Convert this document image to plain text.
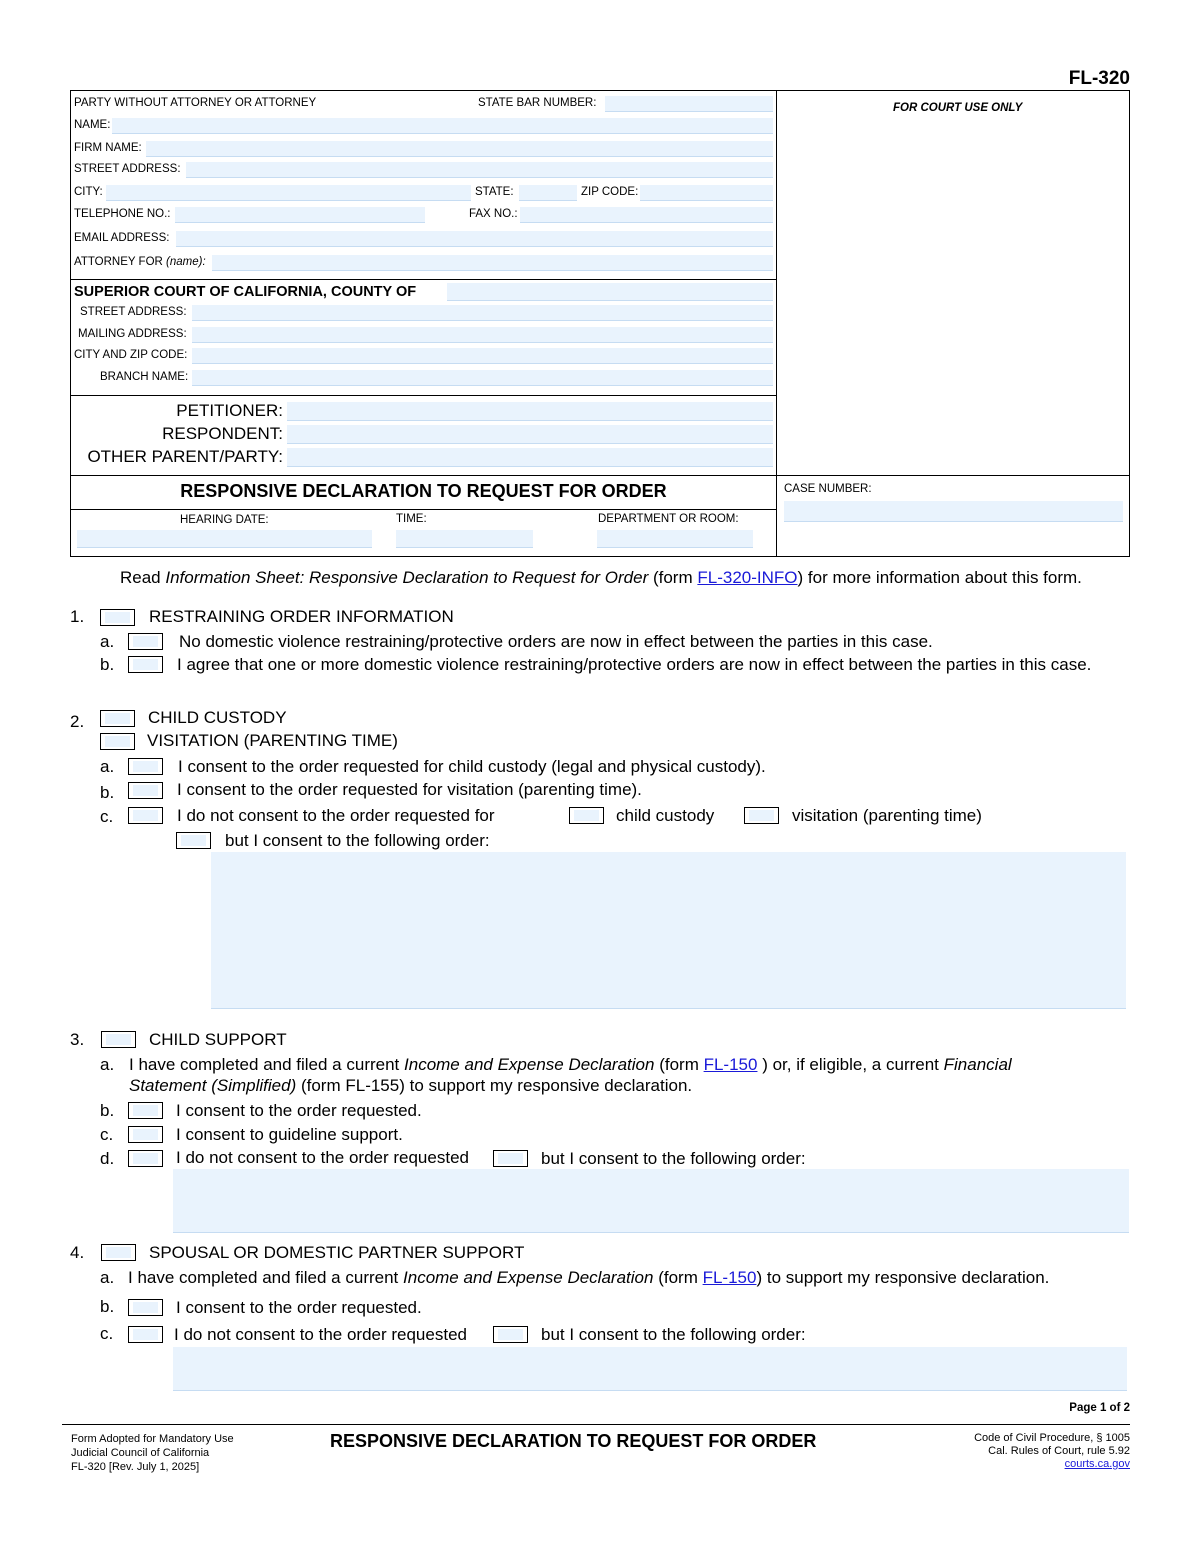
FL-320
FOR COURT USE ONLY
PARTY WITHOUT ATTORNEY OR ATTORNEY	STATE BAR NUMBER:
NAME:
FIRM NAME:
STREET ADDRESS:
CITY:	STATE:	ZIP CODE:
TELEPHONE NO.:	FAX NO.:
EMAIL ADDRESS:
ATTORNEY FOR (name):
SUPERIOR COURT OF CALIFORNIA, COUNTY OF
STREET ADDRESS:
MAILING ADDRESS:
CITY AND ZIP CODE:
BRANCH NAME:
PETITIONER:
RESPONDENT:
OTHER PARENT/PARTY:
RESPONSIVE DECLARATION TO REQUEST FOR ORDER	CASE NUMBER:
HEARING DATE:	TIME:	DEPARTMENT OR ROOM:
Read Information Sheet: Responsive Declaration to Request for Order (form FL-320-INFO) for more information about this form.
1.	RESTRAINING ORDER INFORMATION
a.	No domestic violence restraining/protective orders are now in effect between the parties in this case.
b.	I agree that one or more domestic violence restraining/protective orders are now in effect between the parties in this case.
2.	CHILD CUSTODY
VISITATION (PARENTING TIME)
a.	I consent to the order requested for child custody (legal and physical custody).
b.	I consent to the order requested for visitation (parenting time).
c.	I do not consent to the order requested for	child custody	visitation (parenting time)
but I consent to the following order:
3.	CHILD SUPPORT
a. I have completed and filed a current Income and Expense Declaration (form FL-150 ) or, if eligible, a current Financial
Statement (Simplified) (form FL-155) to support my responsive declaration.
b.	I consent to the order requested.
c.	I consent to guideline support.
d.	I do not consent to the order requested	but I consent to the following order:
4.	SPOUSAL OR DOMESTIC PARTNER SUPPORT
a. I have completed and filed a current Income and Expense Declaration (form FL-150) to support my responsive declaration.
b.	I consent to the order requested.
c.	I do not consent to the order requested	but I consent to the following order:
Page 1 of 2
Form Adopted for Mandatory Use
Judicial Council of California
FL-320 [Rev. July 1, 2025]
RESPONSIVE DECLARATION TO REQUEST FOR ORDER	Code of Civil Procedure, § 1005
Cal. Rules of Court, rule 5.92
courts.ca.gov
